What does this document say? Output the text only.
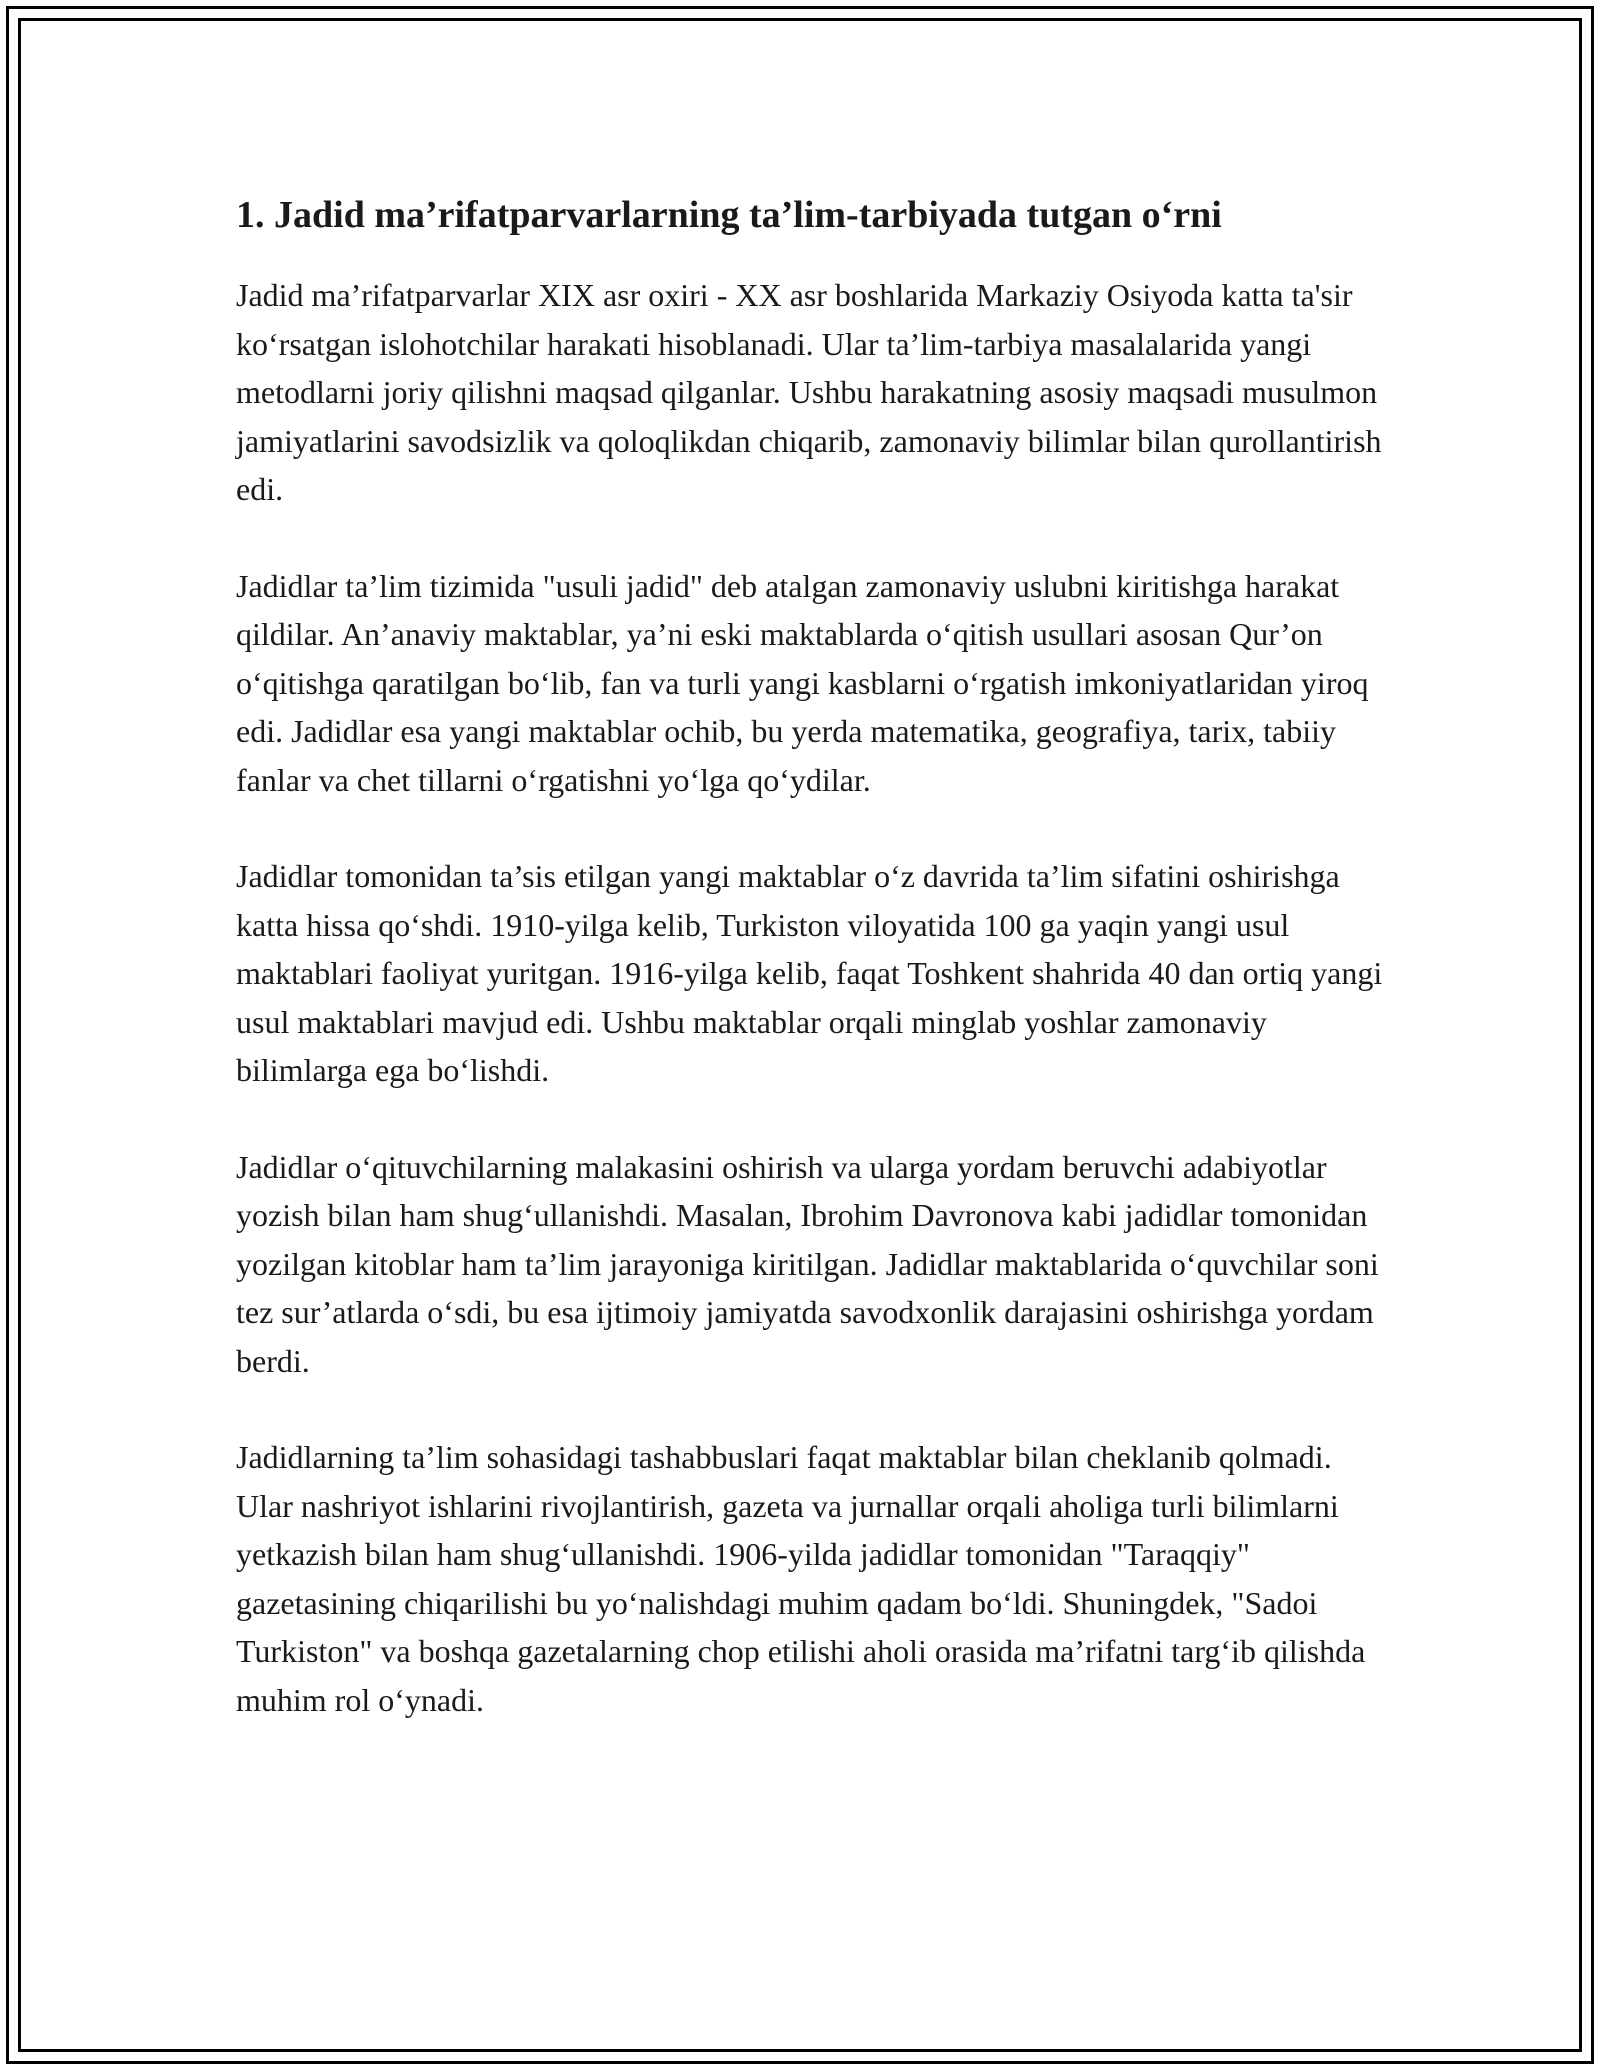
1. Jadid ma’rifatparvarlarning ta’lim-tarbiyada tutgan o‘rni

Jadid ma’rifatparvarlar XIX asr oxiri - XX asr boshlarida Markaziy Osiyoda katta ta'sir ko‘rsatgan islohotchilar harakati hisoblanadi. Ular ta’lim-tarbiya masalalarida yangi metodlarni joriy qilishni maqsad qilganlar. Ushbu harakatning asosiy maqsadi musulmon jamiyatlarini savodsizlik va qoloqlikdan chiqarib, zamonaviy bilimlar bilan qurollantirish edi.

Jadidlar ta’lim tizimida "usuli jadid" deb atalgan zamonaviy uslubni kiritishga harakat qildilar. An’anaviy maktablar, ya’ni eski maktablarda o‘qitish usullari asosan Qur’on o‘qitishga qaratilgan bo‘lib, fan va turli yangi kasblarni o‘rgatish imkoniyatlaridan yiroq edi. Jadidlar esa yangi maktablar ochib, bu yerda matematika, geografiya, tarix, tabiiy fanlar va chet tillarni o‘rgatishni yo‘lga qo‘ydilar.

Jadidlar tomonidan ta’sis etilgan yangi maktablar o‘z davrida ta’lim sifatini oshirishga katta hissa qo‘shdi. 1910-yilga kelib, Turkiston viloyatida 100 ga yaqin yangi usul maktablari faoliyat yuritgan. 1916-yilga kelib, faqat Toshkent shahrida 40 dan ortiq yangi usul maktablari mavjud edi. Ushbu maktablar orqali minglab yoshlar zamonaviy bilimlarga ega bo‘lishdi.

Jadidlar o‘qituvchilarning malakasini oshirish va ularga yordam beruvchi adabiyotlar yozish bilan ham shug‘ullanishdi. Masalan, Ibrohim Davronova kabi jadidlar tomonidan yozilgan kitoblar ham ta’lim jarayoniga kiritilgan. Jadidlar maktablarida o‘quvchilar soni tez sur’atlarda o‘sdi, bu esa ijtimoiy jamiyatda savodxonlik darajasini oshirishga yordam berdi.

Jadidlarning ta’lim sohasidagi tashabbuslari faqat maktablar bilan cheklanib qolmadi. Ular nashriyot ishlarini rivojlantirish, gazeta va jurnallar orqali aholiga turli bilimlarni yetkazish bilan ham shug‘ullanishdi. 1906-yilda jadidlar tomonidan "Taraqqiy" gazetasining chiqarilishi bu yo‘nalishdagi muhim qadam bo‘ldi. Shuningdek, "Sadoi Turkiston" va boshqa gazetalarning chop etilishi aholi orasida ma’rifatni targ‘ib qilishda muhim rol o‘ynadi.
